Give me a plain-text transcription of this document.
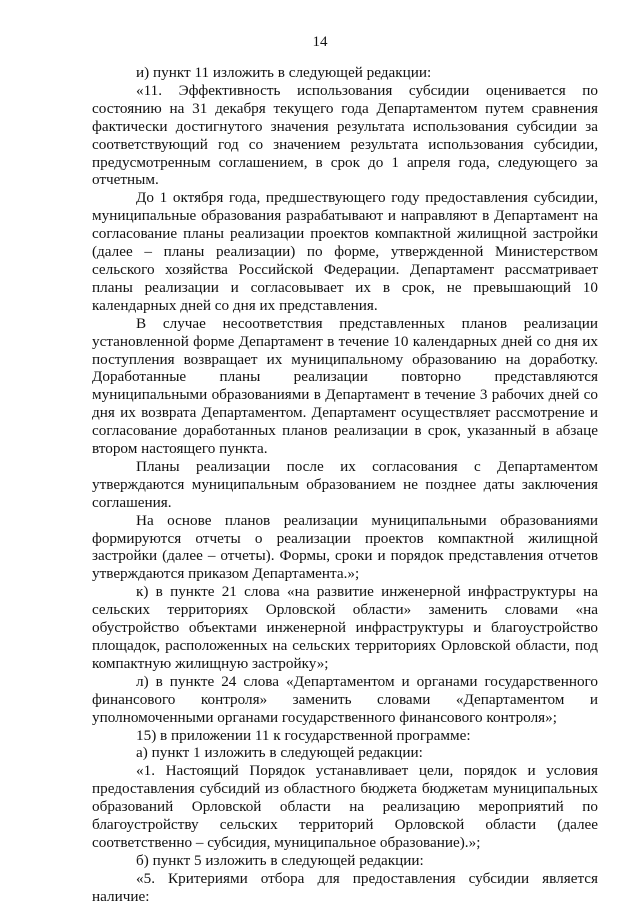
14

и) пункт 11 изложить в следующей редакции:

«11. Эффективность использования субсидии оценивается по состоянию на 31 декабря текущего года Департаментом путем сравнения фактически достигнутого значения результата использования субсидии за соответствующий год со значением результата использования субсидии, предусмотренным соглашением, в срок до 1 апреля года, следующего за отчетным.

До 1 октября года, предшествующего году предоставления субсидии, муниципальные образования разрабатывают и направляют в Департамент на согласование планы реализации проектов компактной жилищной застройки (далее – планы реализации) по форме, утвержденной Министерством сельского хозяйства Российской Федерации. Департамент рассматривает планы реализации и согласовывает их в срок, не превышающий 10 календарных дней со дня их представления.

В случае несоответствия представленных планов реализации установленной форме Департамент в течение 10 календарных дней со дня их поступления возвращает их муниципальному образованию на доработку. Доработанные планы реализации повторно представляются муниципальными образованиями в Департамент в течение 3 рабочих дней со дня их возврата Департаментом. Департамент осуществляет рассмотрение и согласование доработанных планов реализации в срок, указанный в абзаце втором настоящего пункта.

Планы реализации после их согласования с Департаментом утверждаются муниципальным образованием не позднее даты заключения соглашения.

На основе планов реализации муниципальными образованиями формируются отчеты о реализации проектов компактной жилищной застройки (далее – отчеты). Формы, сроки и порядок представления отчетов утверждаются приказом Департамента.»;

к) в пункте 21 слова «на развитие инженерной инфраструктуры на сельских территориях Орловской области» заменить словами «на обустройство объектами инженерной инфраструктуры и благоустройство площадок, расположенных на сельских территориях Орловской области, под компактную жилищную застройку»;

л) в пункте 24 слова «Департаментом и органами государственного финансового контроля» заменить словами «Департаментом и уполномоченными органами государственного финансового контроля»;

15) в приложении 11 к государственной программе:

а) пункт 1 изложить в следующей редакции:

«1. Настоящий Порядок устанавливает цели, порядок и условия предоставления субсидий из областного бюджета бюджетам муниципальных образований Орловской области на реализацию мероприятий по благоустройству сельских территорий Орловской области (далее соответственно – субсидия, муниципальное образование).»;

б) пункт 5 изложить в следующей редакции:

«5. Критериями отбора для предоставления субсидии является наличие:
